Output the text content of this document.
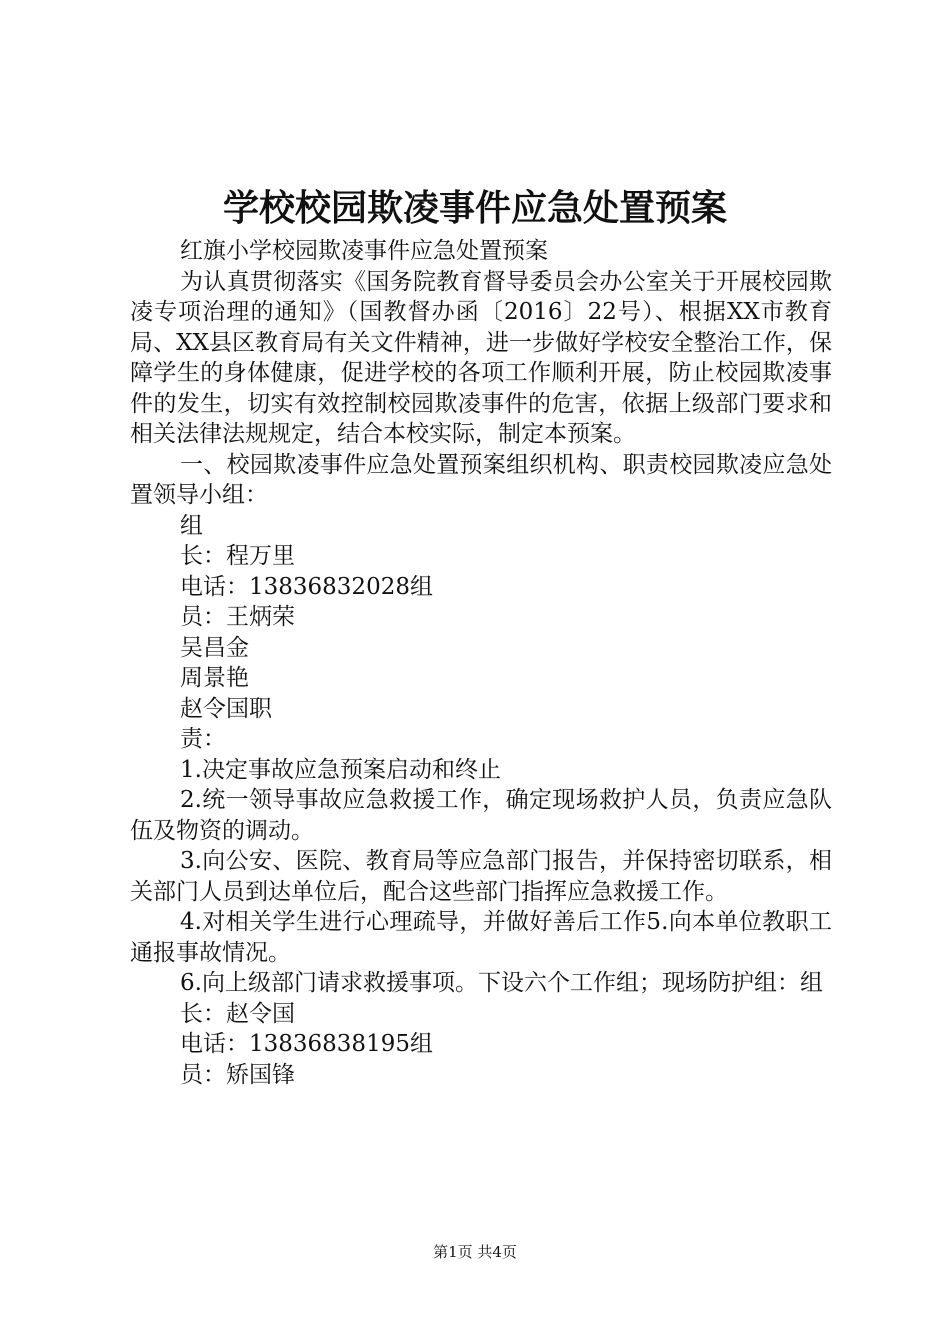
学校校园欺凌事件应急处置预案

红旗小学校园欺凌事件应急处置预案

为认真贯彻落实《国务院教育督导委员会办公室关于开展校园欺凌专项治理的通知》（国教督办函〔2016〕22号）、根据XX市教育局、XX县区教育局有关文件精神，进一步做好学校安全整治工作，保障学生的身体健康，促进学校的各项工作顺利开展，防止校园欺凌事件的发生，切实有效控制校园欺凌事件的危害，依据上级部门要求和相关法律法规规定，结合本校实际，制定本预案。

一、校园欺凌事件应急处置预案组织机构、职责校园欺凌应急处置领导小组：

组

长：程万里

电话：13836832028组

员：王炳荣

吴昌金

周景艳

赵令国职

责：

1.决定事故应急预案启动和终止

2.统一领导事故应急救援工作，确定现场救护人员，负责应急队伍及物资的调动。

3.向公安、医院、教育局等应急部门报告，并保持密切联系，相关部门人员到达单位后，配合这些部门指挥应急救援工作。

4.对相关学生进行心理疏导，并做好善后工作5.向本单位教职工通报事故情况。

6.向上级部门请求救援事项。下设六个工作组；现场防护组：组

长：赵令国

电话：13836838195组

员：矫国锋

第1页 共4页
